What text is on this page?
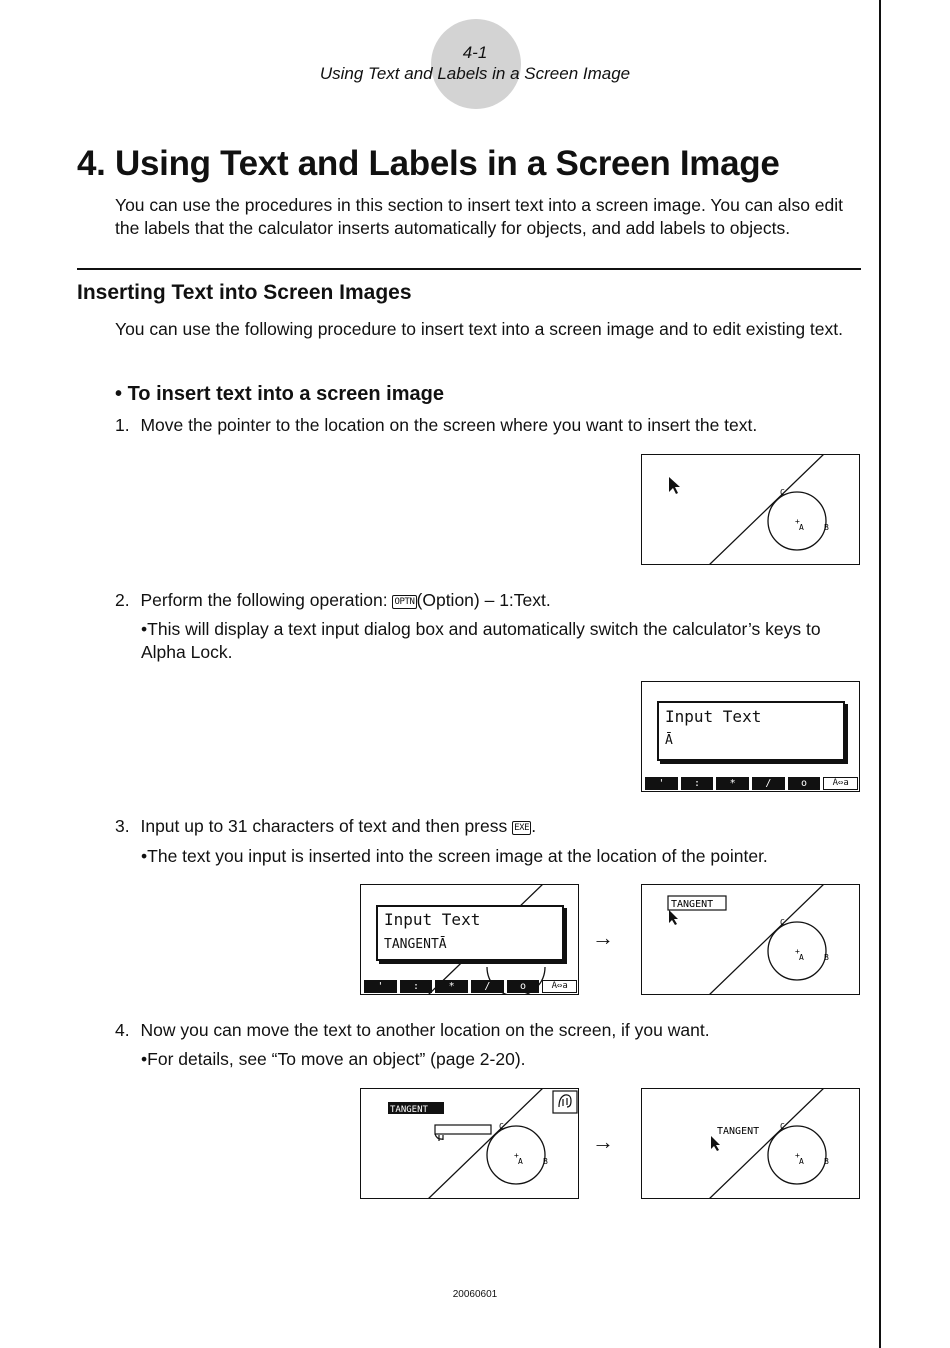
4-1
Using Text and Labels in a Screen Image
4. Using Text and Labels in a Screen Image
You can use the procedures in this section to insert text into a screen image. You can also edit the labels that the calculator inserts automatically for objects, and add labels to objects.
Inserting Text into Screen Images
You can use the following procedure to insert text into a screen image and to edit existing text.
• To insert text into a screen image
1. Move the pointer to the location on the screen where you want to insert the text.
+
A	B
C
2. Perform the following operation: OPTN (Option) – 1:Text.
•This will display a text input dialog box and automatically switch the calculator’s keys to Alpha Lock.
Input Text
Ā
'	:	*	/	o	A⇔a
3. Input up to 31 characters of text and then press EXE .
•The text you input is inserted into the screen image at the location of the pointer.
Input Text
TANGENTĀ
'	:	*	/	o	A⇔a
→
TANGENT
+
A	B
C
4. Now you can move the text to another location on the screen, if you want.
•For details, see “To move an object” (page 2-20).
TANGENT
+
A	B
C
→	TANGENT
+
A	B
C
20060601
